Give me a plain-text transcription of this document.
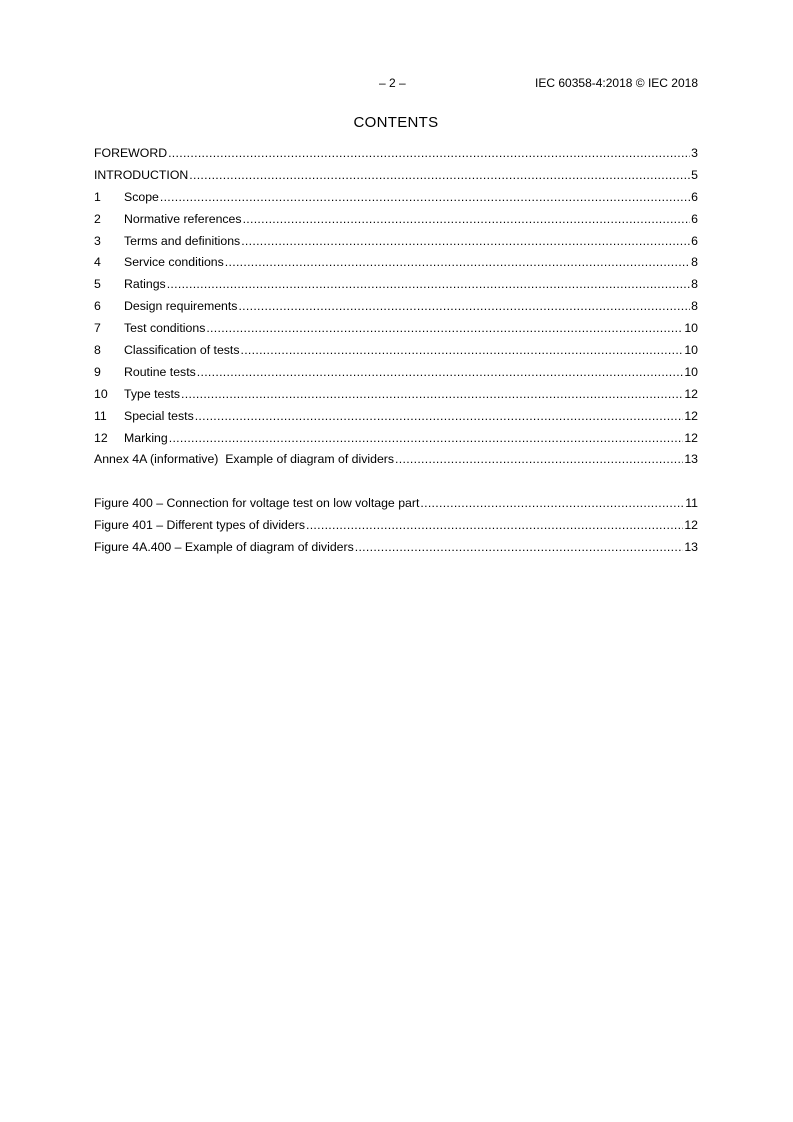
– 2 –	IEC 60358-4:2018 © IEC 2018
CONTENTS
FOREWORD .....	3
INTRODUCTION .....	5
1	Scope .....	6
2	Normative references .....	6
3	Terms and definitions .....	6
4	Service conditions .....	8
5	Ratings .....	8
6	Design requirements .....	8
7	Test conditions .....	10
8	Classification of tests .....	10
9	Routine tests .....	10
10	Type tests .....	12
11	Special tests .....	12
12	Marking .....	12
Annex 4A (informative)  Example of diagram of dividers .....	13
Figure 400 – Connection for voltage test on low voltage part .....	11
Figure 401 – Different types of dividers .....	12
Figure 4A.400 – Example of diagram of dividers .....	13
